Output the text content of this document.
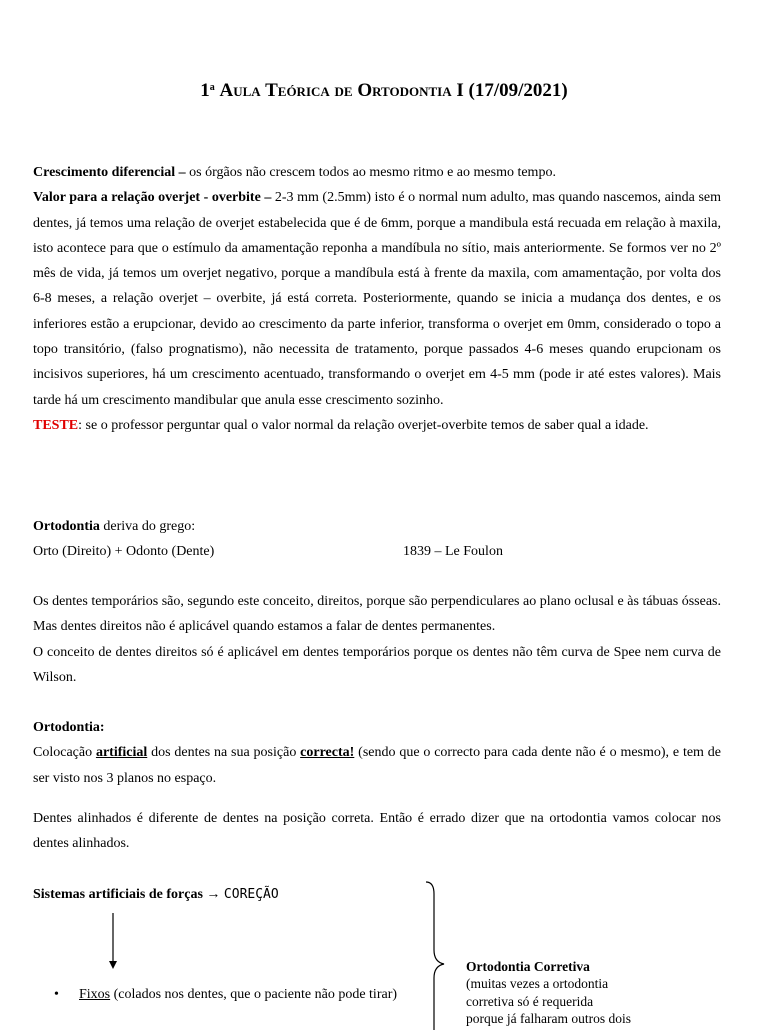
1$^a$ Aula Teórica de Ortodontia I (17/09/2021)

Crescimento diferencial – os órgãos não crescem todos ao mesmo ritmo e ao mesmo tempo.

Valor para a relação overjet - overbite – 2-3 mm (2.5mm) isto é o normal num adulto, mas quando nascemos, ainda sem dentes, já temos uma relação de overjet estabelecida que é de 6mm, porque a mandibula está recuada em relação à maxila, isto acontece para que o estímulo da amamentação reponha a mandíbula no sítio, mais anteriormente. Se formos ver no 2º mês de vida, já temos um overjet negativo, porque a mandíbula está à frente da maxila, com amamentação, por volta dos 6-8 meses, a relação overjet – overbite, já está correta. Posteriormente, quando se inicia a mudança dos dentes, e os inferiores estão a erupcionar, devido ao crescimento da parte inferior, transforma o overjet em 0mm, considerado o topo a topo transitório, (falso prognatismo), não necessita de tratamento, porque passados 4-6 meses quando erupcionam os incisivos superiores, há um crescimento acentuado, transformando o overjet em 4-5 mm (pode ir até estes valores). Mais tarde há um crescimento mandibular que anula esse crescimento sozinho.

TESTE: se o professor perguntar qual o valor normal da relação overjet-overbite temos de saber qual a idade.

Ortodontia deriva do grego:

Orto (Direito) + Odonto (Dente)	1839 – Le Foulon

Os dentes temporários são, segundo este conceito, direitos, porque são perpendiculares ao plano oclusal e às tábuas ósseas. Mas dentes direitos não é aplicável quando estamos a falar de dentes permanentes.

O conceito de dentes direitos só é aplicável em dentes temporários porque os dentes não têm curva de Spee nem curva de Wilson.

Ortodontia:

Colocação artificial dos dentes na sua posição correcta! (sendo que o correcto para cada dente não é o mesmo), e tem de ser visto nos 3 planos no espaço.

Dentes alinhados é diferente de dentes na posição correta. Então é errado dizer que na ortodontia vamos colocar nos dentes alinhados.

Sistemas artificiais de forças → COREÇÃO

Ortodontia Corretiva
(muitas vezes a ortodontia
corretiva só é requerida
porque já falharam outros dois
• Fixos (colados nos dentes, que o paciente não pode tirar)
